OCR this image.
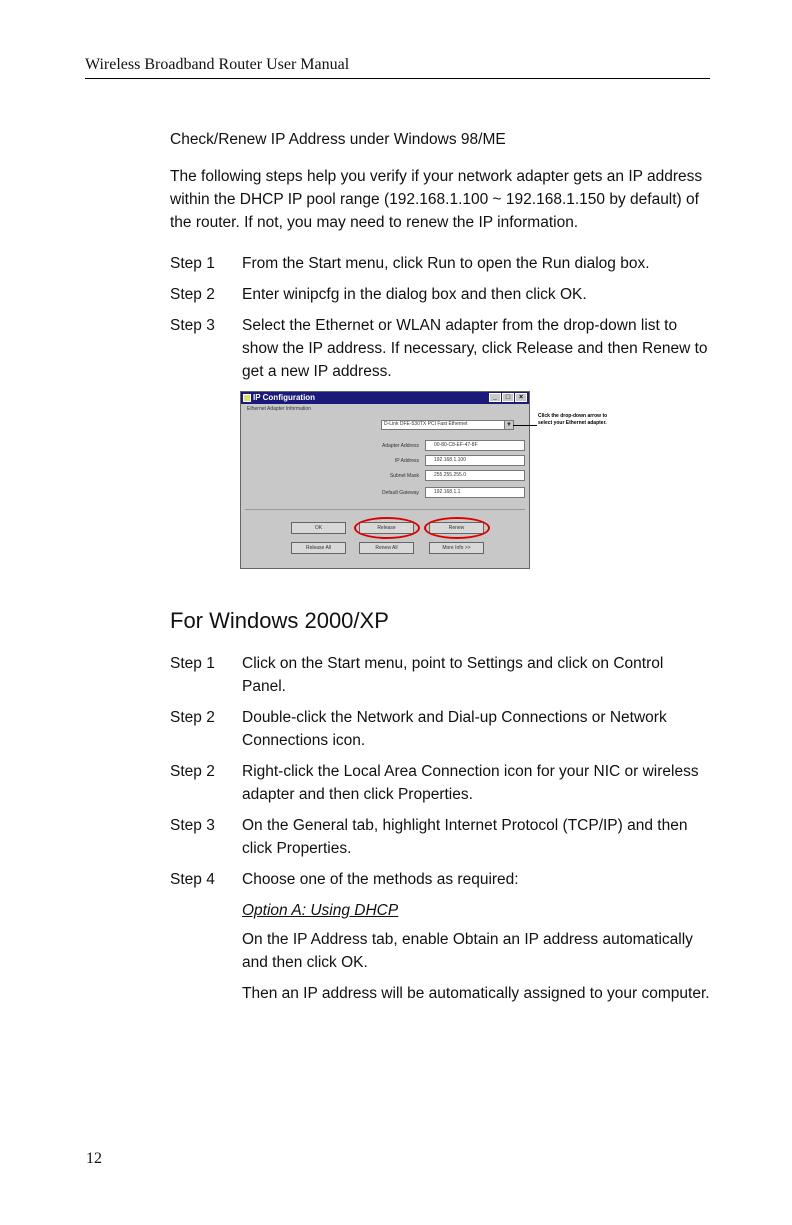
Wireless Broadband Router User Manual

Check/Renew IP Address under Windows 98/ME

The following steps help you verify if your network adapter gets an IP address within the DHCP IP pool range (192.168.1.100 ~ 192.168.1.150 by default) of the router. If not, you may need to renew the IP information.

Step 1	From the Start menu, click Run to open the Run dialog box.
Step 2	Enter winipcfg in the dialog box and then click OK.
Step 3	Select the Ethernet or WLAN adapter from the drop-down list to show the IP address. If necessary, click Release and then Renew to get a new IP address.
IP Configuration	_	□	×
Ethernet Adapter Information
D-Link DFE-530TX PCI Fast Ethernet	▼
Adapter Address	00-80-C8-EF-47-8F
IP Address	192.168.1.100
Subnet Mask	255.255.255.0
Default Gateway	192.168.1.1
OK	Release	Renew
Release All	Renew All	More Info >>
Click the drop-down arrow to select your Ethernet adapter.

For Windows 2000/XP

Step 1	Click on the Start menu, point to Settings and click on Control Panel.
Step 2	Double-click the Network and Dial-up Connections or Network Connections icon.
Step 2	Right-click the Local Area Connection icon for your NIC or wireless adapter and then click Properties.
Step 3	On the General tab, highlight Internet Protocol (TCP/IP) and then click Properties.
Step 4	Choose one of the methods as required:

Option A: Using DHCP

On the IP Address tab, enable Obtain an IP address automatically and then click OK.

Then an IP address will be automatically assigned to your computer.

12
